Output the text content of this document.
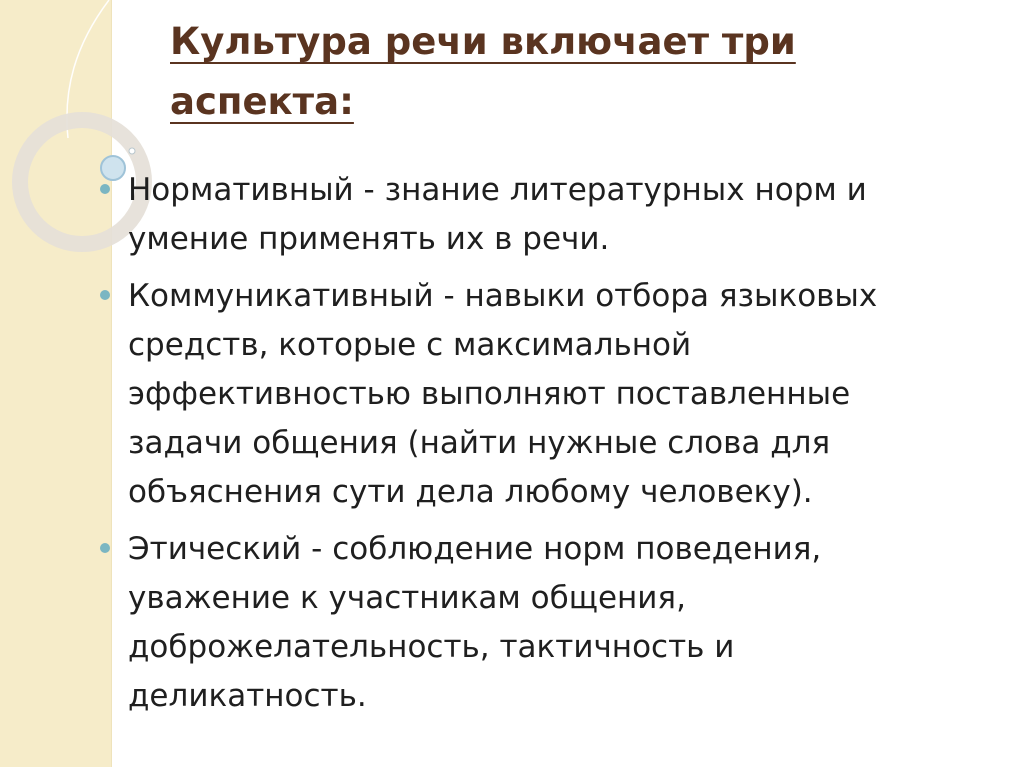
Культура речи включает три аспекта:
Нормативный - знание литературных норм и умение применять их в речи.
Коммуникативный - навыки отбора языковых средств, которые с максимальной эффективностью выполняют поставленные задачи общения (найти нужные слова для объяснения сути дела любому человеку).
Этический - соблюдение норм поведения, уважение к участникам общения, доброжелательность, тактичность и деликатность.
